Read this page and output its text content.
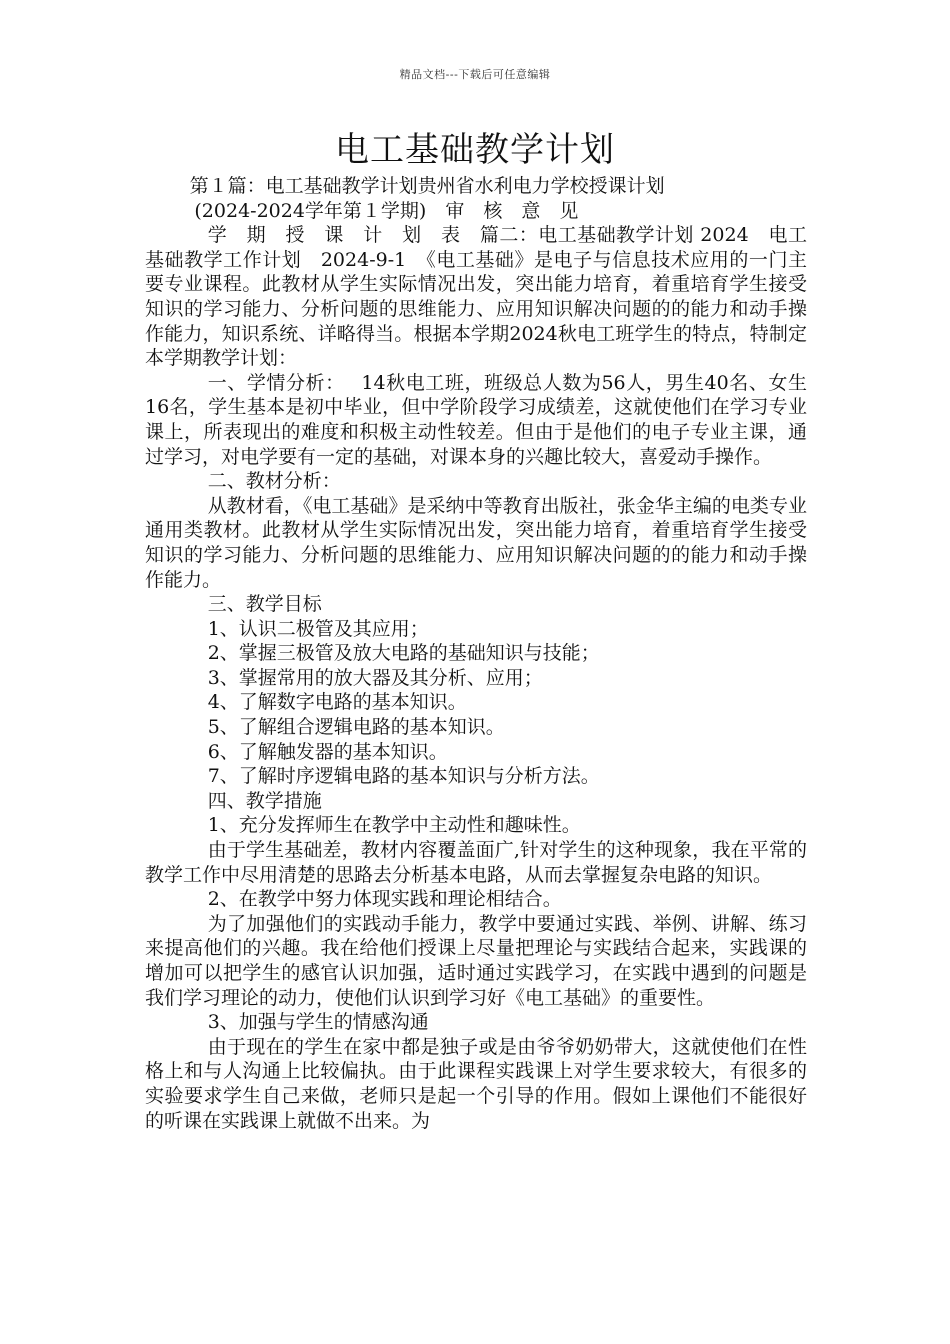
精品文档---下载后可任意编辑
电工基础教学计划

第１篇：电工基础教学计划贵州省水利电力学校授课计划

(2024-2024学年第１学期)　审　核　意　见

学　期　授　课　计　划　表　篇二：电工基础教学计划 2024　电工基础教学工作计划　2024-9-1　《电工基础》是电子与信息技术应用的一门主要专业课程。此教材从学生实际情况出发，突出能力培育，着重培育学生接受知识的学习能力、分析问题的思维能力、应用知识解决问题的的能力和动手操作能力，知识系统、详略得当。根据本学期2024秋电工班学生的特点，特制定本学期教学计划：

一、学情分析：　 14秋电工班，班级总人数为56人，男生40名、女生16名，学生基本是初中毕业，但中学阶段学习成绩差，这就使他们在学习专业课上，所表现出的难度和积极主动性较差。但由于是他们的电子专业主课，通过学习，对电学要有一定的基础，对课本身的兴趣比较大，喜爱动手操作。

二、教材分析：

从教材看，《电工基础》是采纳中等教育出版社，张金华主编的电类专业通用类教材。此教材从学生实际情况出发，突出能力培育，着重培育学生接受知识的学习能力、分析问题的思维能力、应用知识解决问题的的能力和动手操作能力。

三、教学目标

1、认识二极管及其应用；

2、掌握三极管及放大电路的基础知识与技能；

3、掌握常用的放大器及其分析、应用；

4、了解数字电路的基本知识。

5、了解组合逻辑电路的基本知识。

6、了解触发器的基本知识。

7、了解时序逻辑电路的基本知识与分析方法。

四、教学措施

1、充分发挥师生在教学中主动性和趣味性。

由于学生基础差，教材内容覆盖面广,针对学生的这种现象，我在平常的教学工作中尽用清楚的思路去分析基本电路，从而去掌握复杂电路的知识。

2、在教学中努力体现实践和理论相结合。

为了加强他们的实践动手能力，教学中要通过实践、举例、讲解、练习来提高他们的兴趣。我在给他们授课上尽量把理论与实践结合起来，实践课的增加可以把学生的感官认识加强，适时通过实践学习，在实践中遇到的问题是我们学习理论的动力，使他们认识到学习好《电工基础》的重要性。

3、加强与学生的情感沟通

由于现在的学生在家中都是独子或是由爷爷奶奶带大，这就使他们在性格上和与人沟通上比较偏执。由于此课程实践课上对学生要求较大，有很多的实验要求学生自己来做，老师只是起一个引导的作用。假如上课他们不能很好的听课在实践课上就做不出来。为
